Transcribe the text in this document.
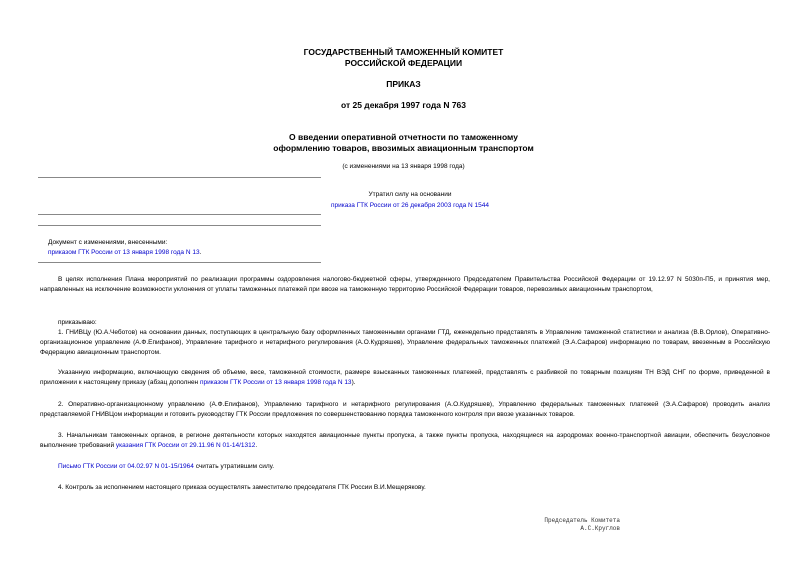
ГОСУДАРСТВЕННЫЙ ТАМОЖЕННЫЙ КОМИТЕТ
РОССИЙСКОЙ ФЕДЕРАЦИИ
ПРИКАЗ
от 25 декабря 1997 года N 763
О введении оперативной отчетности по таможенному
оформлению товаров, ввозимых авиационным транспортом
(с изменениями на 13 января 1998 года)
Утратил силу на основании
приказа ГТК России от 26 декабря 2003 года N 1544
Документ с изменениями, внесенными:
приказом ГТК России от 13 января 1998 года N 13.
В целях исполнения Плана мероприятий по реализации программы оздоровления налогово-бюджетной сферы, утвержденного Председателем Правительства Российской Федерации от 19.12.97 N 5030п-П5, и принятия мер, направленных на исключение возможности уклонения от уплаты таможенных платежей при ввозе на таможенную территорию Российской Федерации товаров, перевозимых авиационным транспортом,
приказываю:
1. ГНИВЦу (Ю.А.Чеботов) на основании данных, поступающих в центральную базу оформленных таможенными органами ГТД, еженедельно представлять в Управление таможенной статистики и анализа (В.В.Орлов), Оперативно-организационное управление (А.Ф.Епифанов), Управление тарифного и нетарифного регулирования (А.О.Кудряшев), Управление федеральных таможенных платежей (Э.А.Сафаров) информацию по товарам, ввезенным в Российскую Федерацию авиационным транспортом.
Указанную информацию, включающую сведения об объеме, весе, таможенной стоимости, размере взысканных таможенных платежей, представлять с разбивкой по товарным позициям ТН ВЭД СНГ по форме, приведенной в приложении к настоящему приказу (абзац дополнен приказом ГТК России от 13 января 1998 года N 13).
2. Оперативно-организационному управлению (А.Ф.Епифанов), Управлению тарифного и нетарифного регулирования (А.О.Кудряшев), Управлению федеральных таможенных платежей (Э.А.Сафаров) проводить анализ представляемой ГНИВЦом информации и готовить руководству ГТК России предложения по совершенствованию порядка таможенного контроля при ввозе указанных товаров.
3. Начальникам таможенных органов, в регионе деятельности которых находятся авиационные пункты пропуска, а также пункты пропуска, находящиеся на аэродромах военно-транспортной авиации, обеспечить безусловное выполнение требований указания ГТК России от 29.11.96 N 01-14/1312.
Письмо ГТК России от 04.02.97 N 01-15/1964 считать утратившим силу.
4. Контроль за исполнением настоящего приказа осуществлять заместителю председателя ГТК России В.И.Мещерякову.
Председатель Комитета
А.С.Круглов
